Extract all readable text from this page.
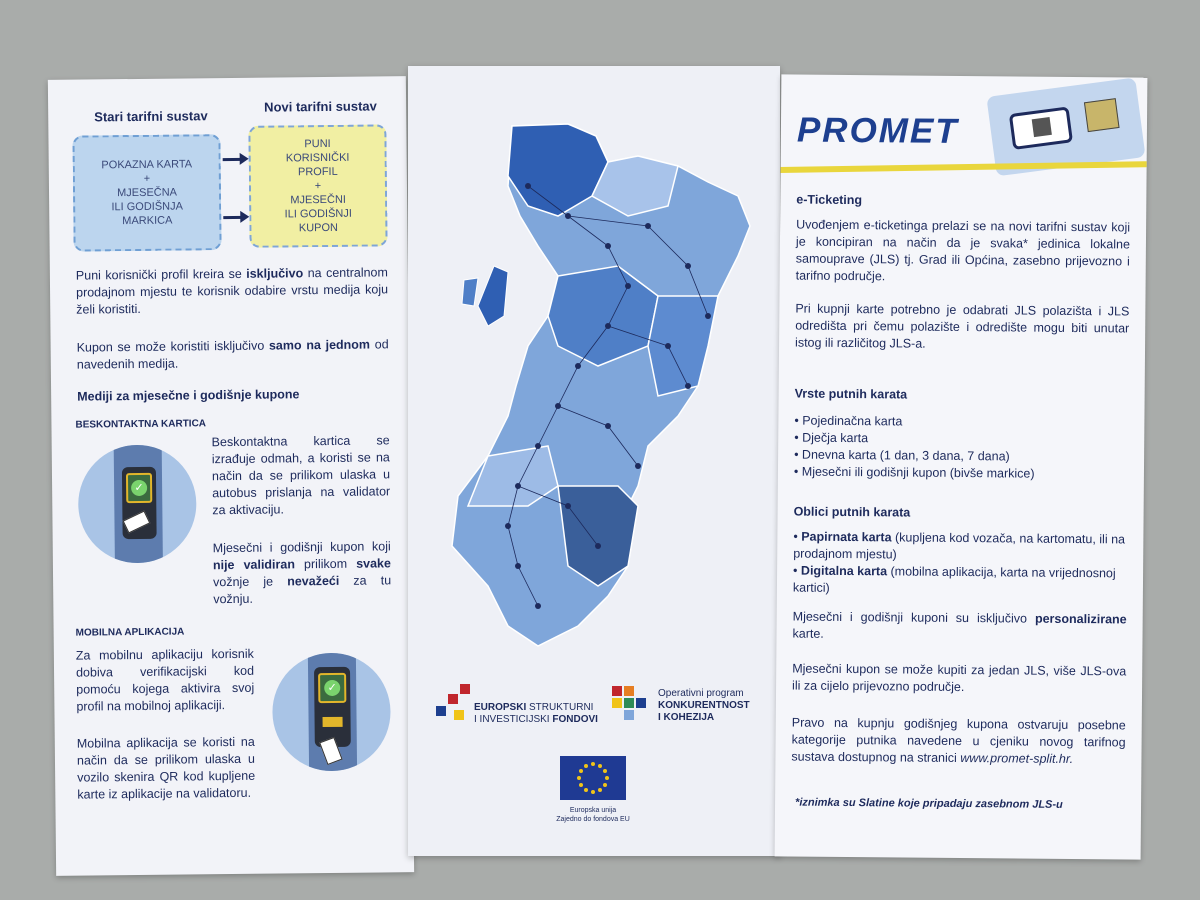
Stari tarifni sustav
Novi tarifni sustav
POKAZNA KARTA
+
MJESEČNA
ILI GODIŠNJA
MARKICA
PUNI
KORISNIČKI
PROFIL
+
MJESEČNI
ILI GODIŠNJI
KUPON
Puni korisnički profil kreira se isključivo na centralnom prodajnom mjestu te korisnik odabire vrstu medija koju želi koristiti.
Kupon se može koristiti isključivo samo na jednom od navedenih medija.
Mediji za mjesečne i godišnje kupone
BESKONTAKTNA KARTICA
✓
Beskontaktna kartica se izrađuje odmah, a koristi se na način da se prilikom ulaska u autobus prislanja na validator za aktivaciju.
Mjesečni i godišnji kupon koji nije validiran prilikom svake vožnje je nevažeći za tu vožnju.
MOBILNA APLIKACIJA
Za mobilnu aplikaciju korisnik dobiva verifikacijski kod pomoću kojega aktivira svoj profil na mobilnoj aplikaciji.
Mobilna aplikacija se koristi na način da se prilikom ulaska u vozilo skenira QR kod kupljene karte iz aplikacije na validatoru.
✓
EUROPSKI STRUKTURNI
I INVESTICIJSKI FONDOVI
Operativni program
KONKURENTNOST
I KOHEZIJA
Europska unija
Zajedno do fondova EU
PROMET
e-Ticketing
Uvođenjem e-ticketinga prelazi se na novi tarifni sustav koji je koncipiran na način da je svaka* jedinica lokalne samouprave (JLS) tj. Grad ili Općina, zasebno prijevozno i tarifno područje.
Pri kupnji karte potrebno je odabrati JLS polazišta i JLS odredišta pri čemu polazište i odredište mogu biti unutar istog ili različitog JLS-a.
Vrste putnih karata
• Pojedinačna karta
• Dječja karta
• Dnevna karta (1 dan, 3 dana, 7 dana)
• Mjesečni ili godišnji kupon (bivše markice)
Oblici putnih karata
• Papirnata karta (kupljena kod vozača, na kartomatu, ili na prodajnom mjestu)
• Digitalna karta (mobilna aplikacija, karta na vrijednosnoj kartici)
Mjesečni i godišnji kuponi su isključivo personalizirane karte.
Mjesečni kupon se može kupiti za jedan JLS, više JLS-ova ili za cijelo prijevozno područje.
Pravo na kupnju godišnjeg kupona ostvaruju posebne kategorije putnika navedene u cjeniku novog tarifnog sustava dostupnog na stranici www.promet-split.hr.
*iznimka su Slatine koje pripadaju zasebnom JLS-u
